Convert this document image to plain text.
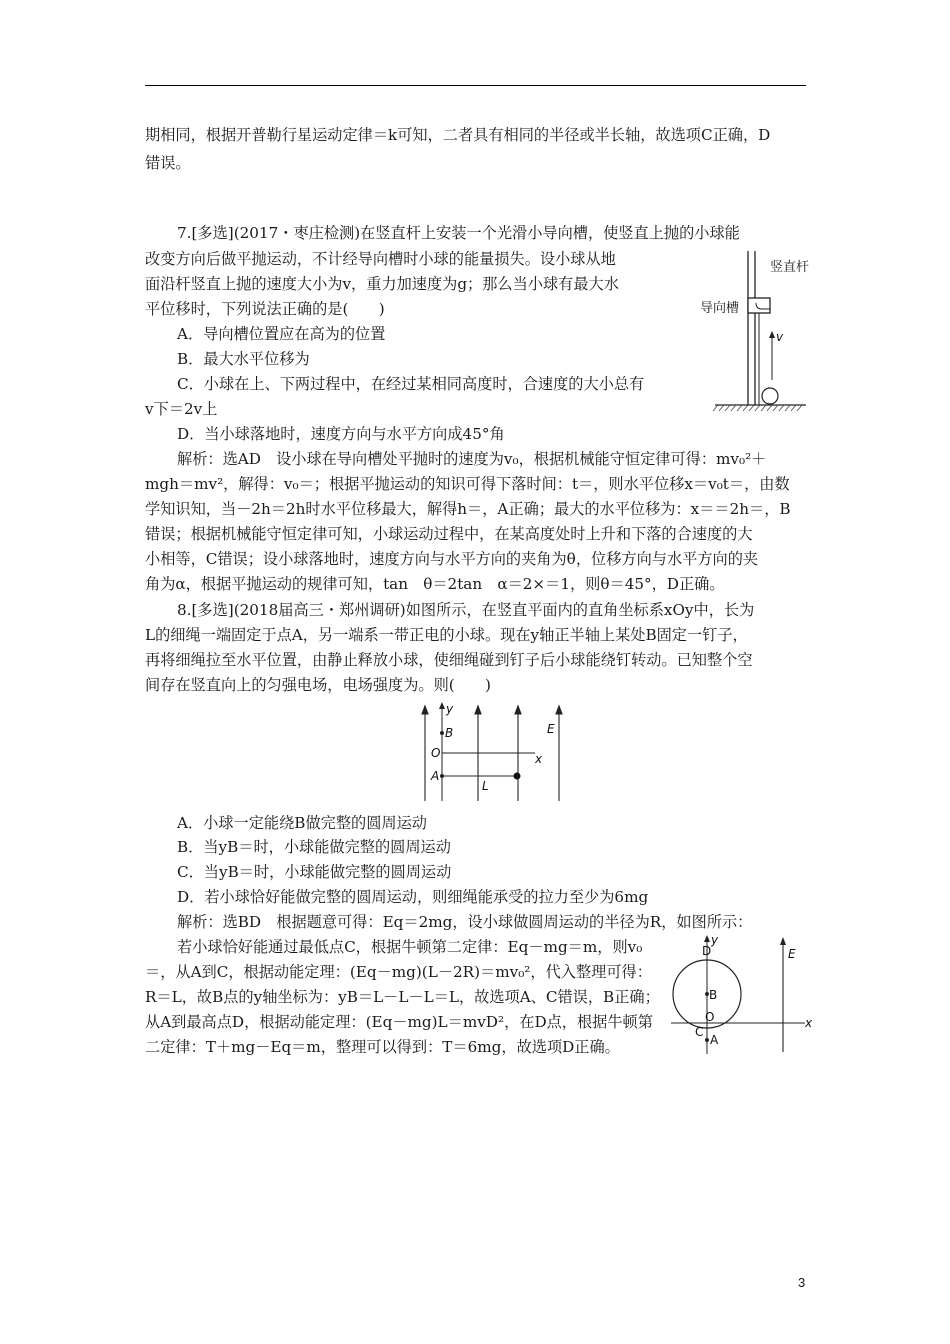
期相同，根据开普勒行星运动定律＝k可知，二者具有相同的半径或半长轴，故选项C正确，D
错误。
7.[多选](2017・枣庄检测)在竖直杆上安装一个光滑小导向槽，使竖直上抛的小球能
改变方向后做平抛运动，不计经导向槽时小球的能量损失。设小球从地
面沿杆竖直上抛的速度大小为v，重力加速度为g；那么当小球有最大水
平位移时，下列说法正确的是(　　)
A．导向槽位置应在高为的位置
B．最大水平位移为
C．小球在上、下两过程中，在经过某相同高度时，合速度的大小总有
v下＝2v上
D．当小球落地时，速度方向与水平方向成45°角
解析：选AD　设小球在导向槽处平抛时的速度为v₀，根据机械能守恒定律可得：mv₀²＋
mgh＝mv²，解得：v₀＝；根据平抛运动的知识可得下落时间：t＝，则水平位移x＝v₀t＝，由数
学知识知，当－2h＝2h时水平位移最大，解得h＝，A正确；最大的水平位移为：x＝＝2h＝，B
错误；根据机械能守恒定律可知，小球运动过程中，在某高度处时上升和下落的合速度的大
小相等，C错误；设小球落地时，速度方向与水平方向的夹角为θ，位移方向与水平方向的夹
角为α，根据平抛运动的规律可知，tan　θ＝2tan　α＝2×＝1，则θ＝45°，D正确。
v
竖直杆
导向槽
8.[多选](2018届高三・郑州调研)如图所示，在竖直平面内的直角坐标系xOy中，长为
L的细绳一端固定于点A，另一端系一带正电的小球。现在y轴正半轴上某处B固定一钉子，
再将细绳拉至水平位置，由静止释放小球，使细绳碰到钉子后小球能绕钉转动。已知整个空
间存在竖直向上的匀强电场，电场强度为。则(　　)
y
x
B
O
A
L
E
A．小球一定能绕B做完整的圆周运动
B．当yB＝时，小球能做完整的圆周运动
C．当yB＝时，小球能做完整的圆周运动
D．若小球恰好能做完整的圆周运动，则细绳能承受的拉力至少为6mg
解析：选BD　根据题意可得：Eq＝2mg，设小球做圆周运动的半径为R，如图所示：
若小球恰好能通过最低点C，根据牛顿第二定律：Eq－mg＝m，则v₀
＝，从A到C，根据动能定理：(Eq－mg)(L－2R)＝mv₀²，代入整理可得：
R＝L，故B点的y轴坐标为：yB＝L－L－L＝L，故选项A、C错误，B正确；
从A到最高点D，根据动能定理：(Eq－mg)L＝mvD²，在D点，根据牛顿第
二定律：T＋mg－Eq＝m，整理可以得到：T＝6mg，故选项D正确。
E
y
x
D
B
O
C
A
3
